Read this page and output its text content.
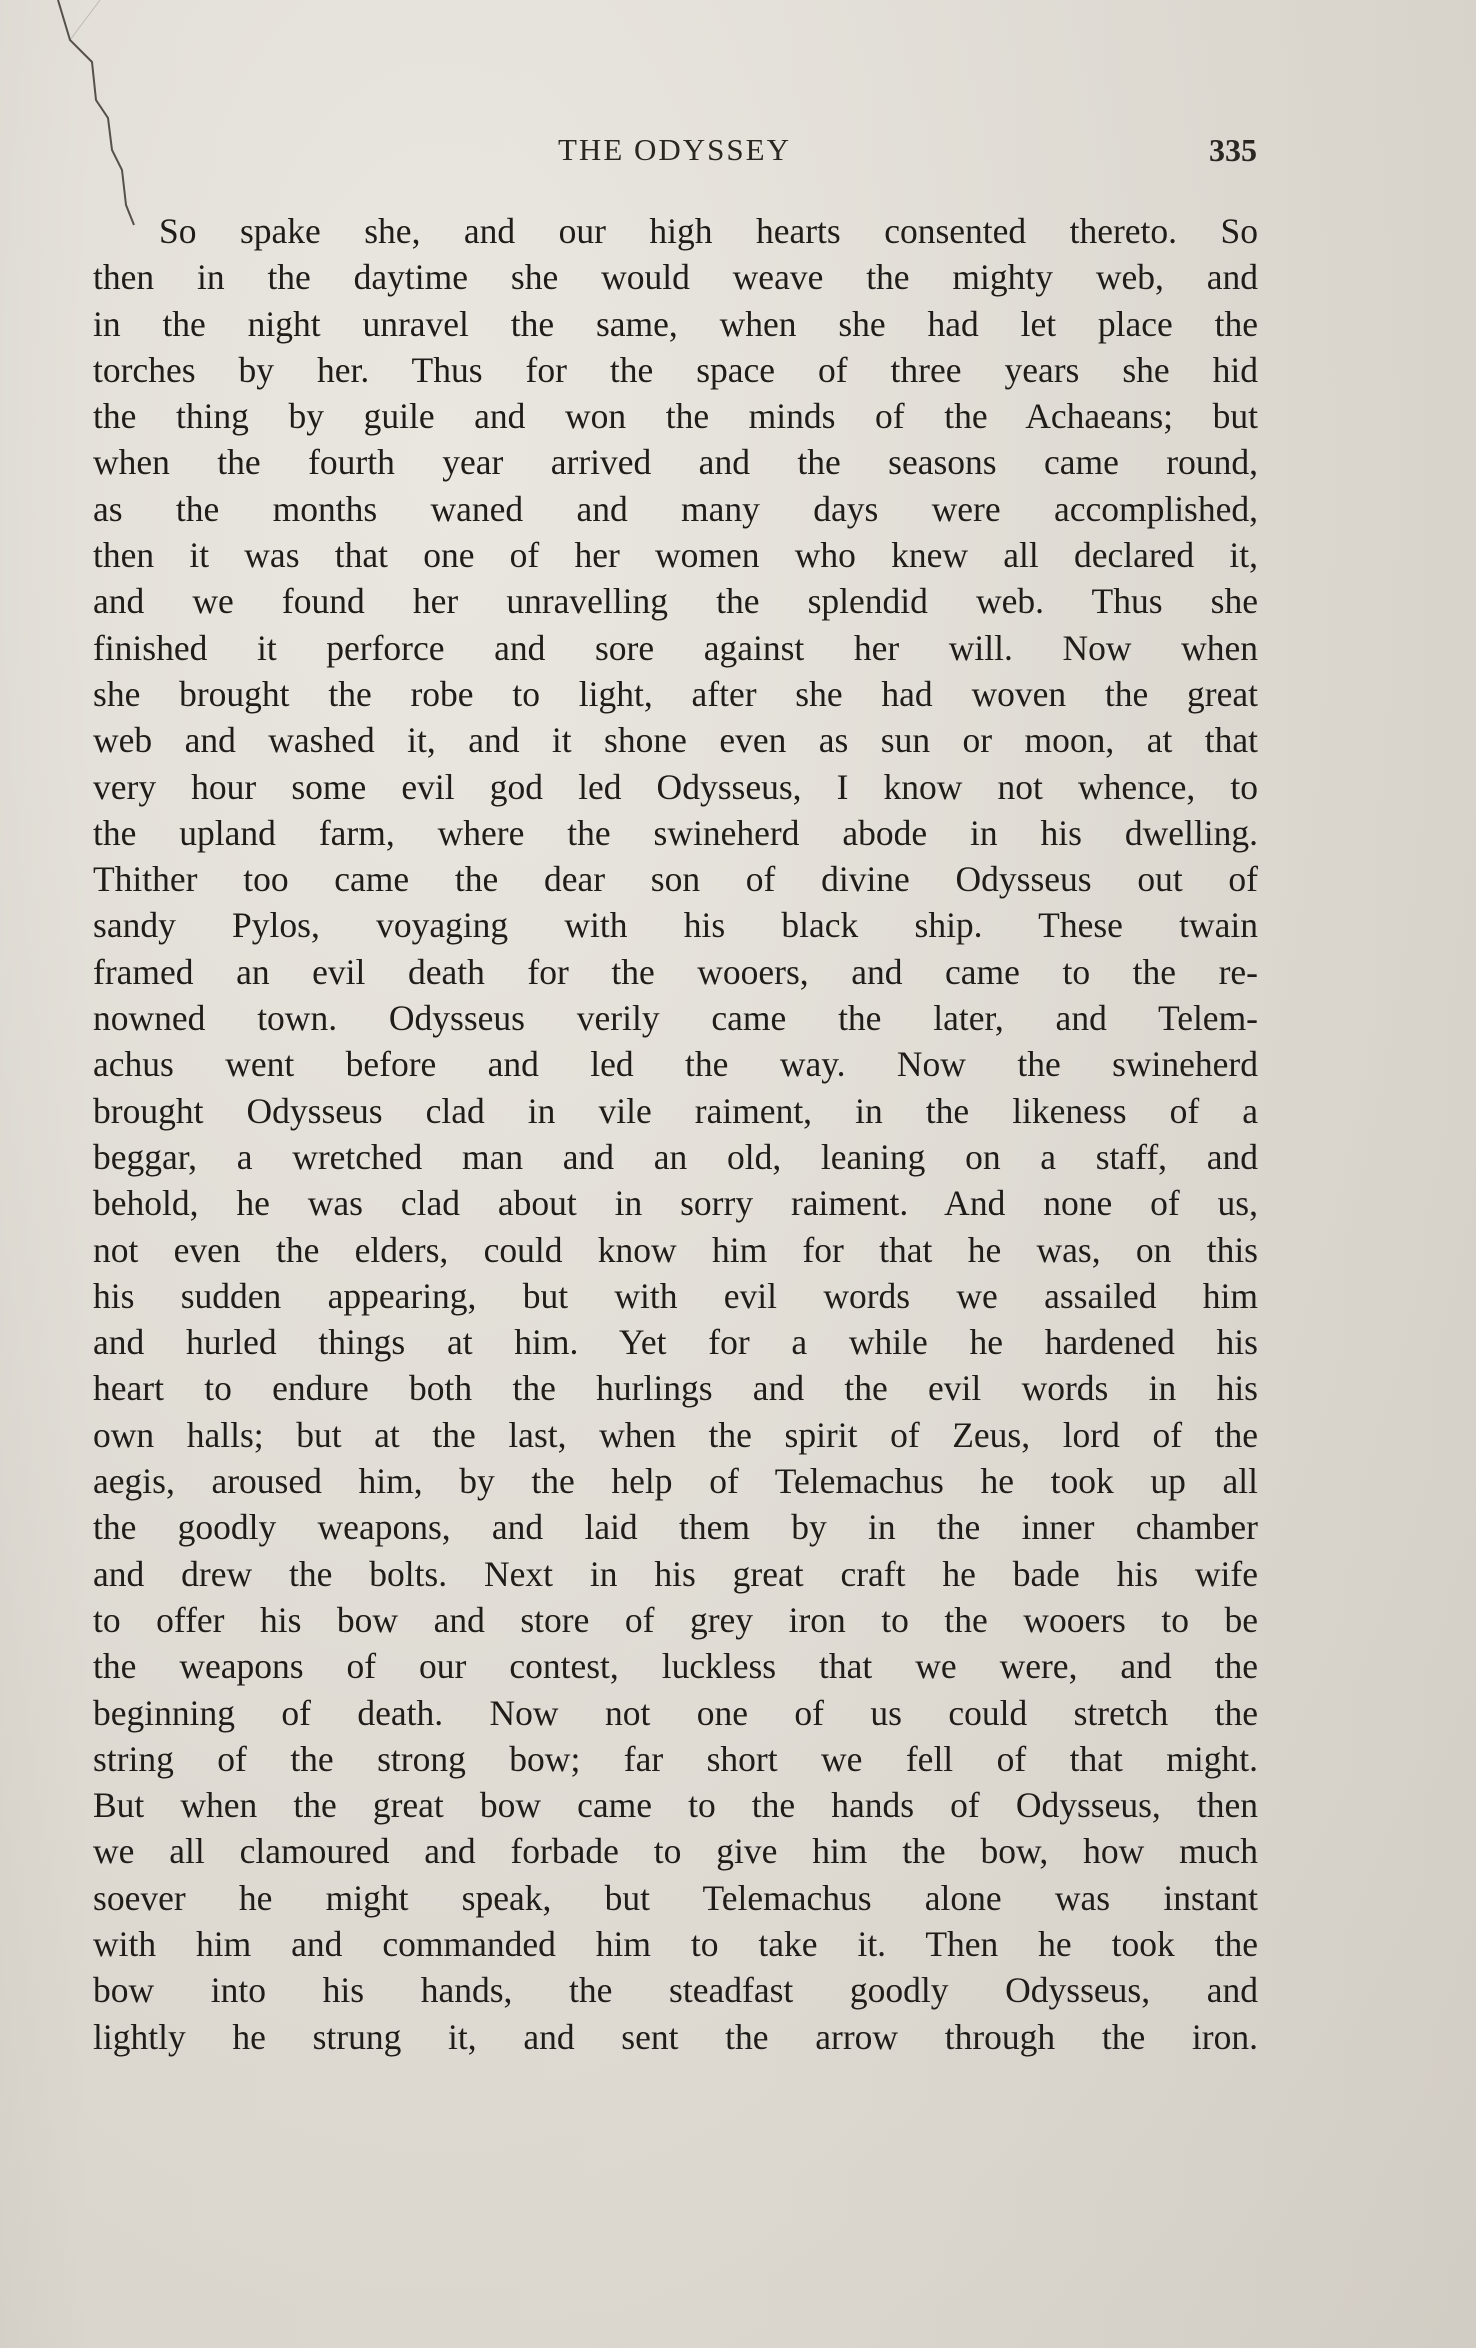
THE ODYSSEY	335
So spake she, and our high hearts consented thereto. So
then in the daytime she would weave the mighty web, and
in the night unravel the same, when she had let place the
torches by her. Thus for the space of three years she hid
the thing by guile and won the minds of the Achaeans; but
when the fourth year arrived and the seasons came round,
as the months waned and many days were accomplished,
then it was that one of her women who knew all declared it,
and we found her unravelling the splendid web. Thus she
finished it perforce and sore against her will. Now when
she brought the robe to light, after she had woven the great
web and washed it, and it shone even as sun or moon, at that
very hour some evil god led Odysseus, I know not whence, to
the upland farm, where the swineherd abode in his dwelling.
Thither too came the dear son of divine Odysseus out of
sandy Pylos, voyaging with his black ship. These twain
framed an evil death for the wooers, and came to the re-
nowned town. Odysseus verily came the later, and Telem-
achus went before and led the way. Now the swineherd
brought Odysseus clad in vile raiment, in the likeness of a
beggar, a wretched man and an old, leaning on a staff, and
behold, he was clad about in sorry raiment. And none of us,
not even the elders, could know him for that he was, on this
his sudden appearing, but with evil words we assailed him
and hurled things at him. Yet for a while he hardened his
heart to endure both the hurlings and the evil words in his
own halls; but at the last, when the spirit of Zeus, lord of the
aegis, aroused him, by the help of Telemachus he took up all
the goodly weapons, and laid them by in the inner chamber
and drew the bolts. Next in his great craft he bade his wife
to offer his bow and store of grey iron to the wooers to be
the weapons of our contest, luckless that we were, and the
beginning of death. Now not one of us could stretch the
string of the strong bow; far short we fell of that might.
But when the great bow came to the hands of Odysseus, then
we all clamoured and forbade to give him the bow, how much
soever he might speak, but Telemachus alone was instant
with him and commanded him to take it. Then he took the
bow into his hands, the steadfast goodly Odysseus, and
lightly he strung it, and sent the arrow through the iron.
